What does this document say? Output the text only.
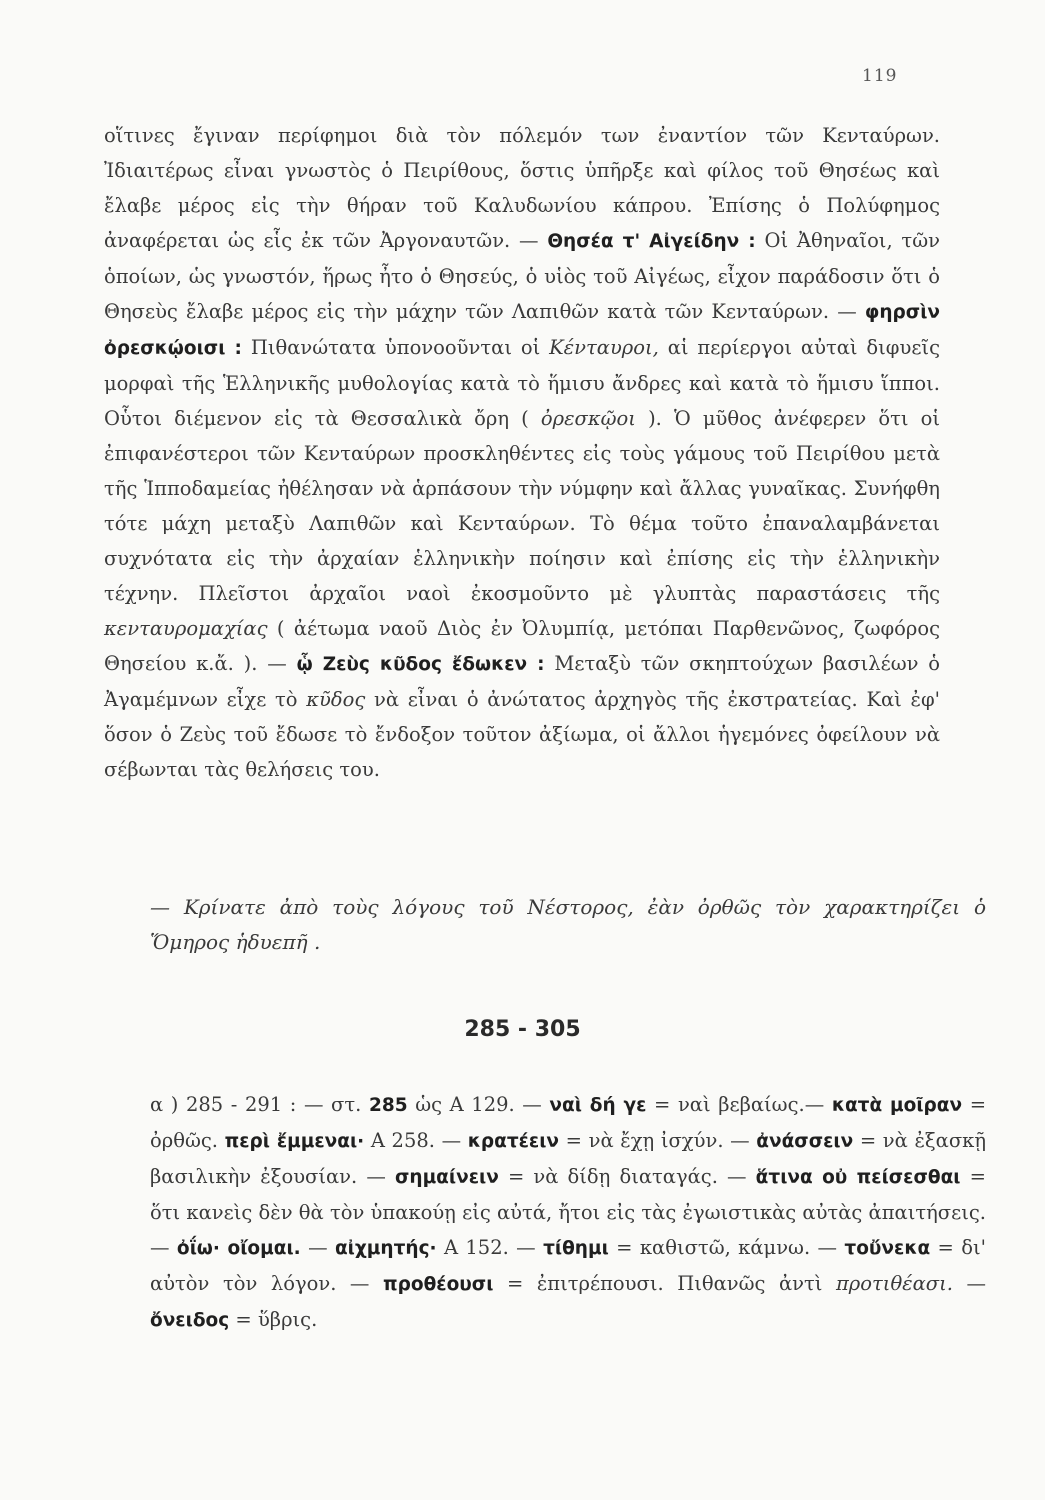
119

οἵτινες ἔγιναν περίφημοι διὰ τὸν πόλεμόν των ἐναντίον τῶν Κενταύρων. Ἰδιαιτέρως εἶναι γνωστὸς ὁ Πειρίθους, ὅστις ὑπῆρξε καὶ φίλος τοῦ Θησέως καὶ ἔλαβε μέρος εἰς τὴν θήραν τοῦ Καλυδωνίου κάπρου. Ἐπίσης ὁ Πολύφημος ἀναφέρεται ὡς εἷς ἐκ τῶν Ἀργοναυτῶν. — Θησέα τ' Αἰγείδην : Οἱ Ἀθηναῖοι, τῶν ὁποίων, ὡς γνωστόν, ἥρως ἦτο ὁ Θησεύς, ὁ υἱὸς τοῦ Αἰγέως, εἶχον παράδοσιν ὅτι ὁ Θησεὺς ἔλαβε μέρος εἰς τὴν μάχην τῶν Λαπιθῶν κατὰ τῶν Κενταύρων. — φηρσὶν ὀρεσκῴοισι : Πιθανώτατα ὑπονοοῦνται οἱ Κένταυροι, αἱ περίεργοι αὐταὶ διφυεῖς μορφαὶ τῆς Ἑλληνικῆς μυθολογίας κατὰ τὸ ἥμισυ ἄνδρες καὶ κατὰ τὸ ἥμισυ ἵπποι. Οὗτοι διέμενον εἰς τὰ Θεσσαλικὰ ὄρη ( ὀρεσκῷοι ). Ὁ μῦθος ἀνέφερεν ὅτι οἱ ἐπιφανέστεροι τῶν Κενταύρων προσκληθέντες εἰς τοὺς γάμους τοῦ Πειρίθου μετὰ τῆς Ἱπποδαμείας ἠθέλησαν νὰ ἁρπάσουν τὴν νύμφην καὶ ἄλλας γυναῖκας. Συνήφθη τότε μάχη μεταξὺ Λαπιθῶν καὶ Κενταύρων. Τὸ θέμα τοῦτο ἐπαναλαμβάνεται συχνότατα εἰς τὴν ἀρχαίαν ἑλληνικὴν ποίησιν καὶ ἐπίσης εἰς τὴν ἑλληνικὴν τέχνην. Πλεῖστοι ἀρχαῖοι ναοὶ ἐκοσμοῦντο μὲ γλυπτὰς παραστάσεις τῆς κενταυρομαχίας ( ἀέτωμα ναοῦ Διὸς ἐν Ὀλυμπίᾳ, μετόπαι Παρθενῶνος, ζωφόρος Θησείου κ.ἄ. ). — ᾧ Ζεὺς κῦδος ἔδωκεν : Μεταξὺ τῶν σκηπτούχων βασιλέων ὁ Ἀγαμέμνων εἶχε τὸ κῦδος νὰ εἶναι ὁ ἀνώτατος ἀρχηγὸς τῆς ἐκστρατείας. Καὶ ἐφ' ὅσον ὁ Ζεὺς τοῦ ἔδωσε τὸ ἔνδοξον τοῦτον ἀξίωμα, οἱ ἄλλοι ἡγεμόνες ὀφείλουν νὰ σέβωνται τὰς θελήσεις του.

— Κρίνατε ἀπὸ τοὺς λόγους τοῦ Νέστορος, ἐὰν ὀρθῶς τὸν χαρακτηρίζει ὁ Ὅμηρος ἡδυεπῆ .

285 - 305

α ) 285 - 291 : — στ. 285 ὡς Α 129. — ναὶ δή γε = ναὶ βεβαίως.— κατὰ μοῖραν = ὀρθῶς. περὶ ἔμμεναι· Α 258. — κρατέειν = νὰ ἔχῃ ἰσχύν. — ἀνάσσειν = νὰ ἐξασκῇ βασιλικὴν ἐξουσίαν. — σημαίνειν = νὰ δίδῃ διαταγάς. — ἅτινα οὐ πείσεσθαι = ὅτι κανεὶς δὲν θὰ τὸν ὑπακούῃ εἰς αὐτά, ἤτοι εἰς τὰς ἐγωιστικὰς αὐτὰς ἀπαιτήσεις. — ὀΐω· οἴομαι. — αἰχμητής· Α 152. — τίθημι = καθιστῶ, κάμνω. — τοὔνεκα = δι' αὐτὸν τὸν λόγον. — προθέουσι = ἐπιτρέπουσι. Πιθανῶς ἀντὶ προτιθέασι. — ὄνειδος = ὕβρις.
